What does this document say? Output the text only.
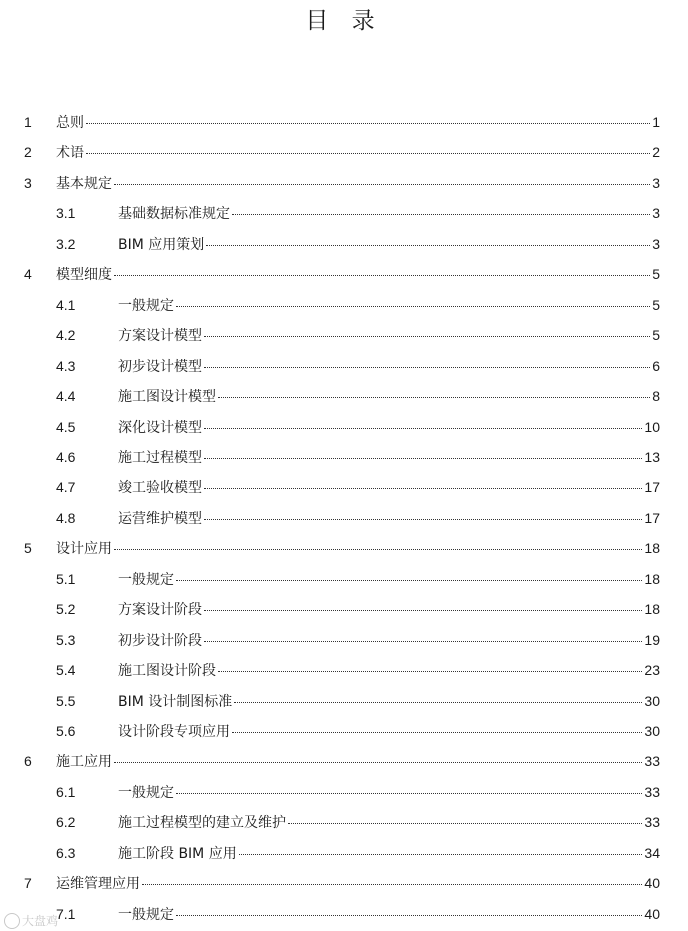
目 录
1 总则	1
2 术语	2
3 基本规定	3
3.1	基础数据标准规定	3
3.2	BIM 应用策划	3
4 模型细度	5
4.1	一般规定	5
4.2	方案设计模型	5
4.3	初步设计模型	6
4.4	施工图设计模型	8
4.5	深化设计模型	10
4.6	施工过程模型	13
4.7	竣工验收模型	17
4.8	运营维护模型	17
5 设计应用	18
5.1	一般规定	18
5.2	方案设计阶段	18
5.3	初步设计阶段	19
5.4	施工图设计阶段	23
5.5	BIM 设计制图标准	30
5.6	设计阶段专项应用	30
6 施工应用	33
6.1	一般规定	33
6.2	施工过程模型的建立及维护	33
6.3	施工阶段 BIM 应用	34
7 运维管理应用	40
7.1	一般规定	40
大盘鸡
